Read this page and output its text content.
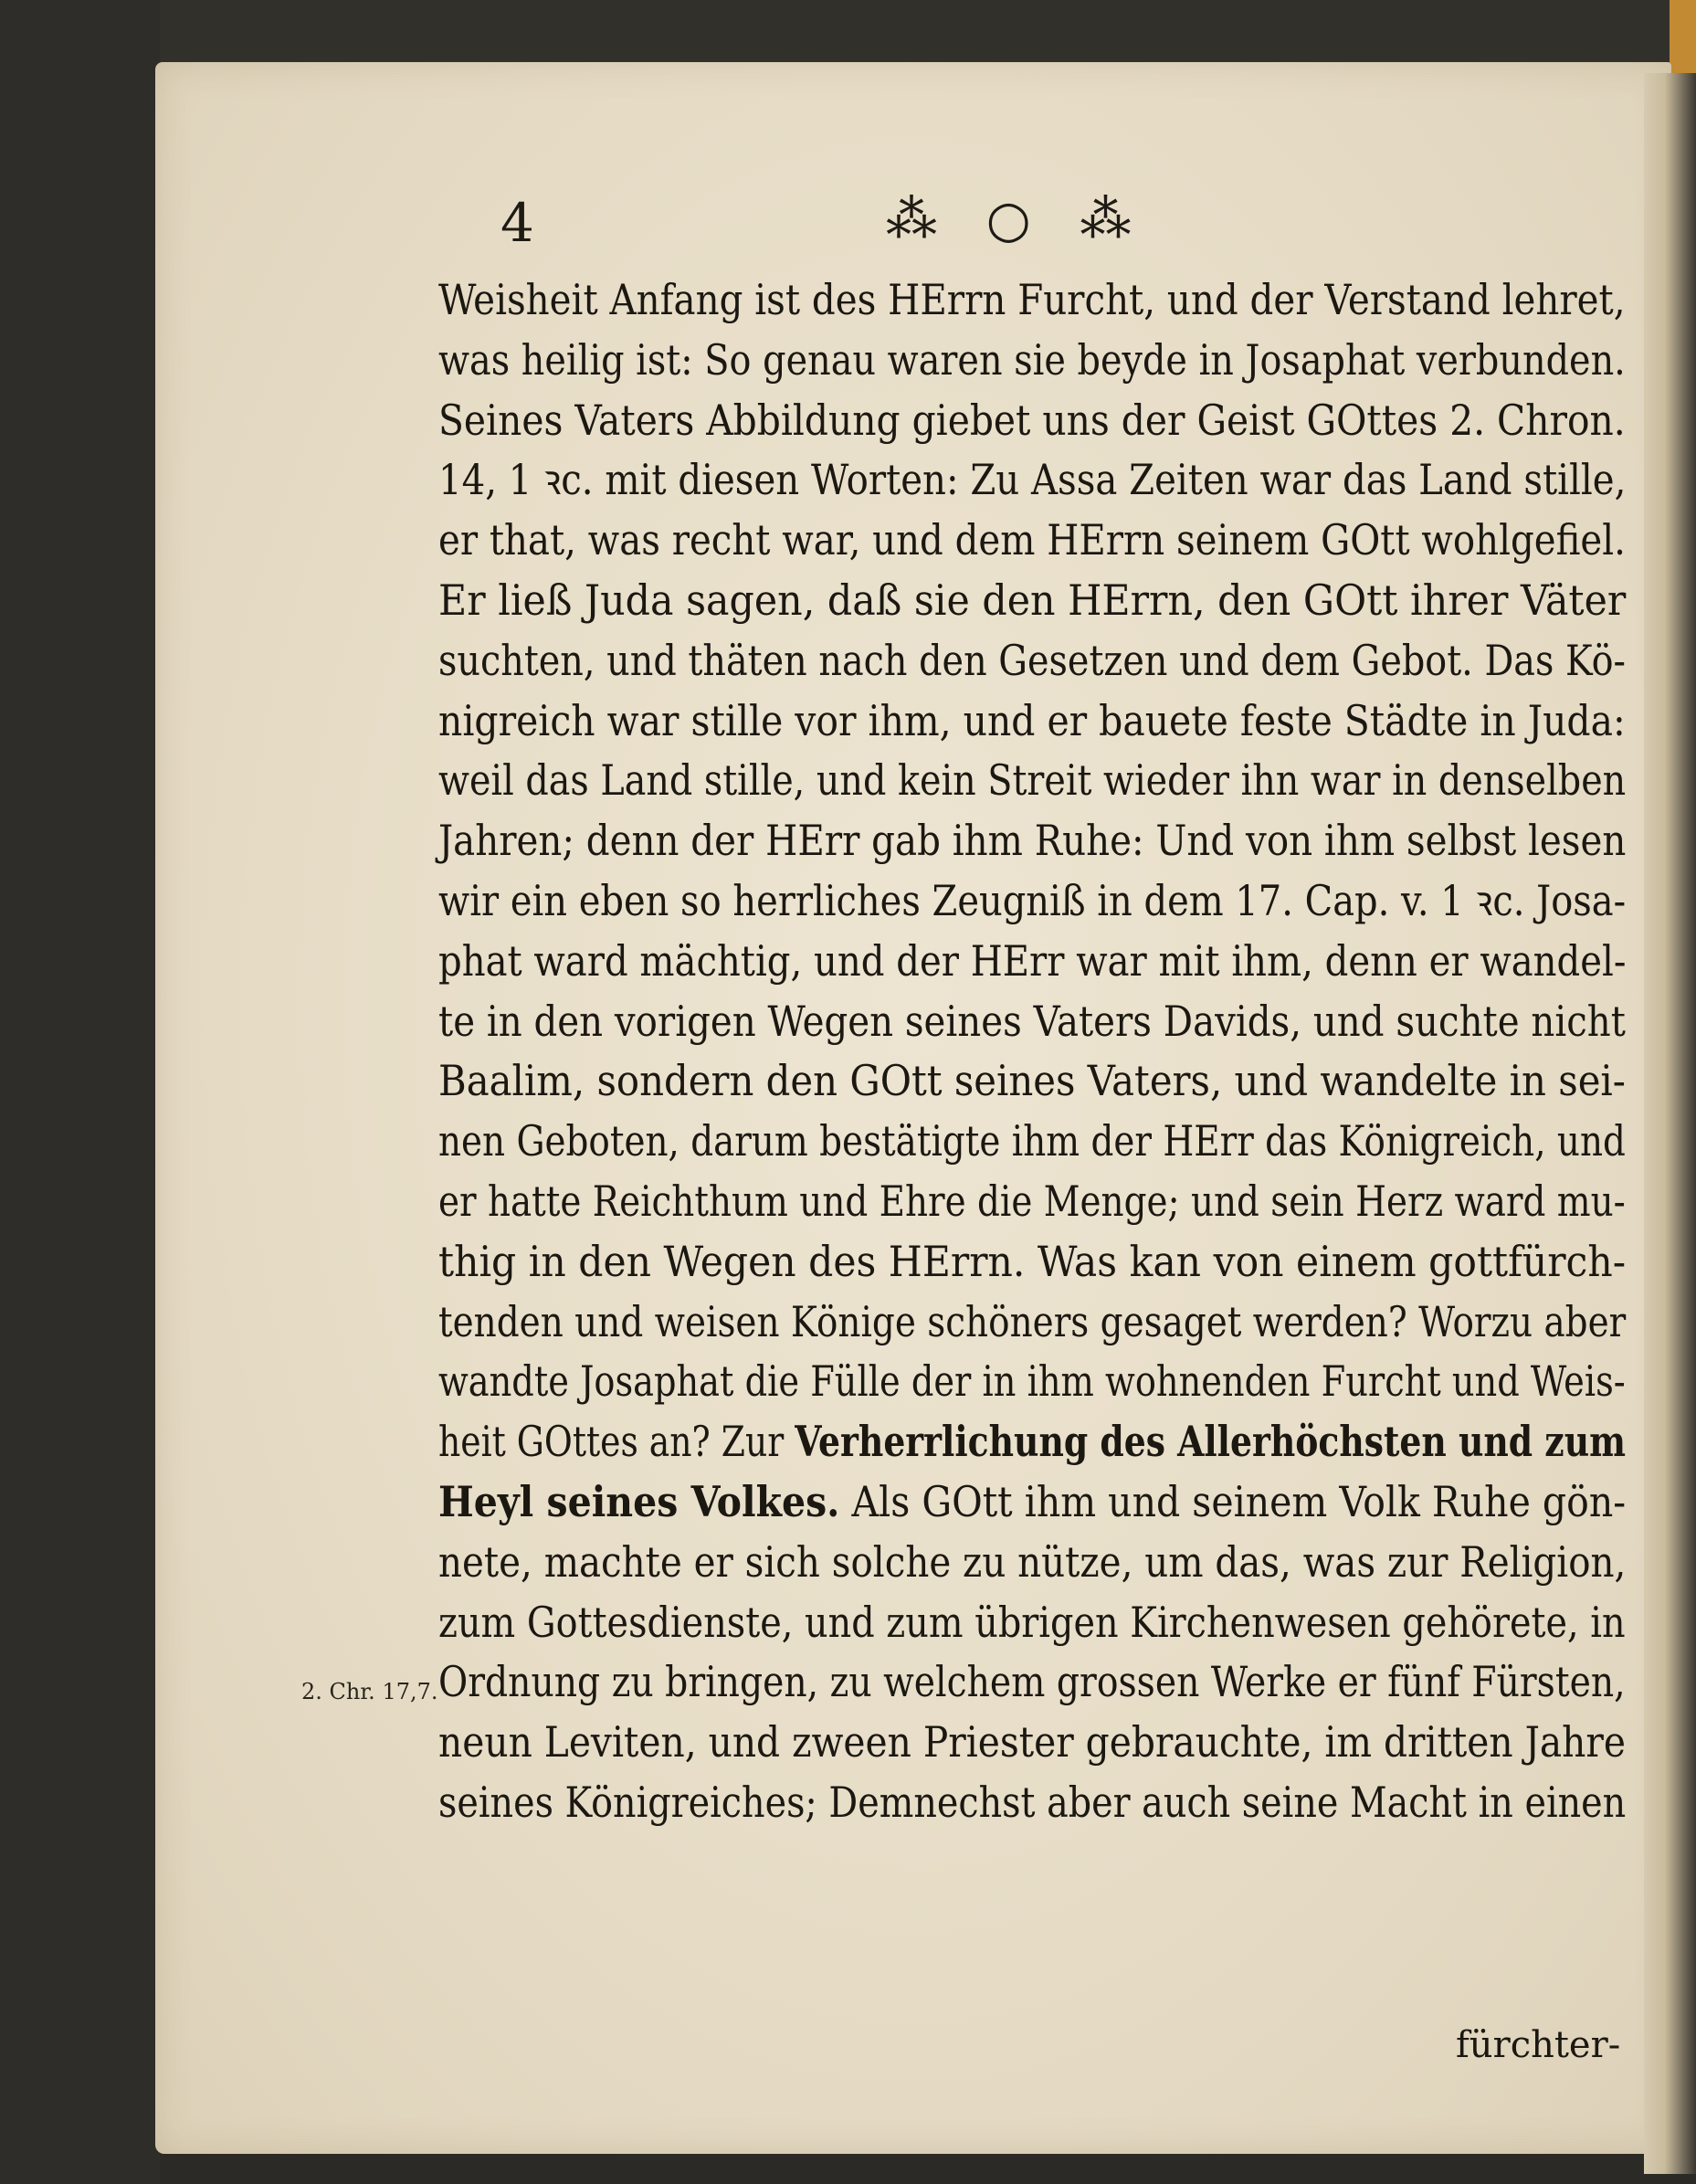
4	⁂ ○ ⁂

Weisheit Anfang ist des HErrn Furcht, und der Verstand lehret,
was heilig ist: So genau waren sie beyde in Josaphat verbunden.
Seines Vaters Abbildung giebet uns der Geist GOttes 2. Chron.
14, 1 ꝛc. mit diesen Worten: Zu Assa Zeiten war das Land stille,
er that, was recht war, und dem HErrn seinem GOtt wohlgefiel.
Er ließ Juda sagen, daß sie den HErrn, den GOtt ihrer Väter
suchten, und thäten nach den Gesetzen und dem Gebot. Das Kö-
nigreich war stille vor ihm, und er bauete feste Städte in Juda:
weil das Land stille, und kein Streit wieder ihn war in denselben
Jahren; denn der HErr gab ihm Ruhe: Und von ihm selbst lesen
wir ein eben so herrliches Zeugniß in dem 17. Cap. v. 1 ꝛc. Josa-
phat ward mächtig, und der HErr war mit ihm, denn er wandel-
te in den vorigen Wegen seines Vaters Davids, und suchte nicht
Baalim, sondern den GOtt seines Vaters, und wandelte in sei-
nen Geboten, darum bestätigte ihm der HErr das Königreich, und
er hatte Reichthum und Ehre die Menge; und sein Herz ward mu-
thig in den Wegen des HErrn. Was kan von einem gottfürch-
tenden und weisen Könige schöners gesaget werden? Worzu aber
wandte Josaphat die Fülle der in ihm wohnenden Furcht und Weis-
heit GOttes an? Zur Verherrlichung des Allerhöchsten und zum
Heyl seines Volkes. Als GOtt ihm und seinem Volk Ruhe gön-
nete, machte er sich solche zu nütze, um das, was zur Religion,
zum Gottesdienste, und zum übrigen Kirchenwesen gehörete, in
Ordnung zu bringen, zu welchem grossen Werke er fünf Fürsten,
neun Leviten, und zween Priester gebrauchte, im dritten Jahre
seines Königreiches; Demnechst aber auch seine Macht in einen

2. Chr. 17,7.

fürchter-
